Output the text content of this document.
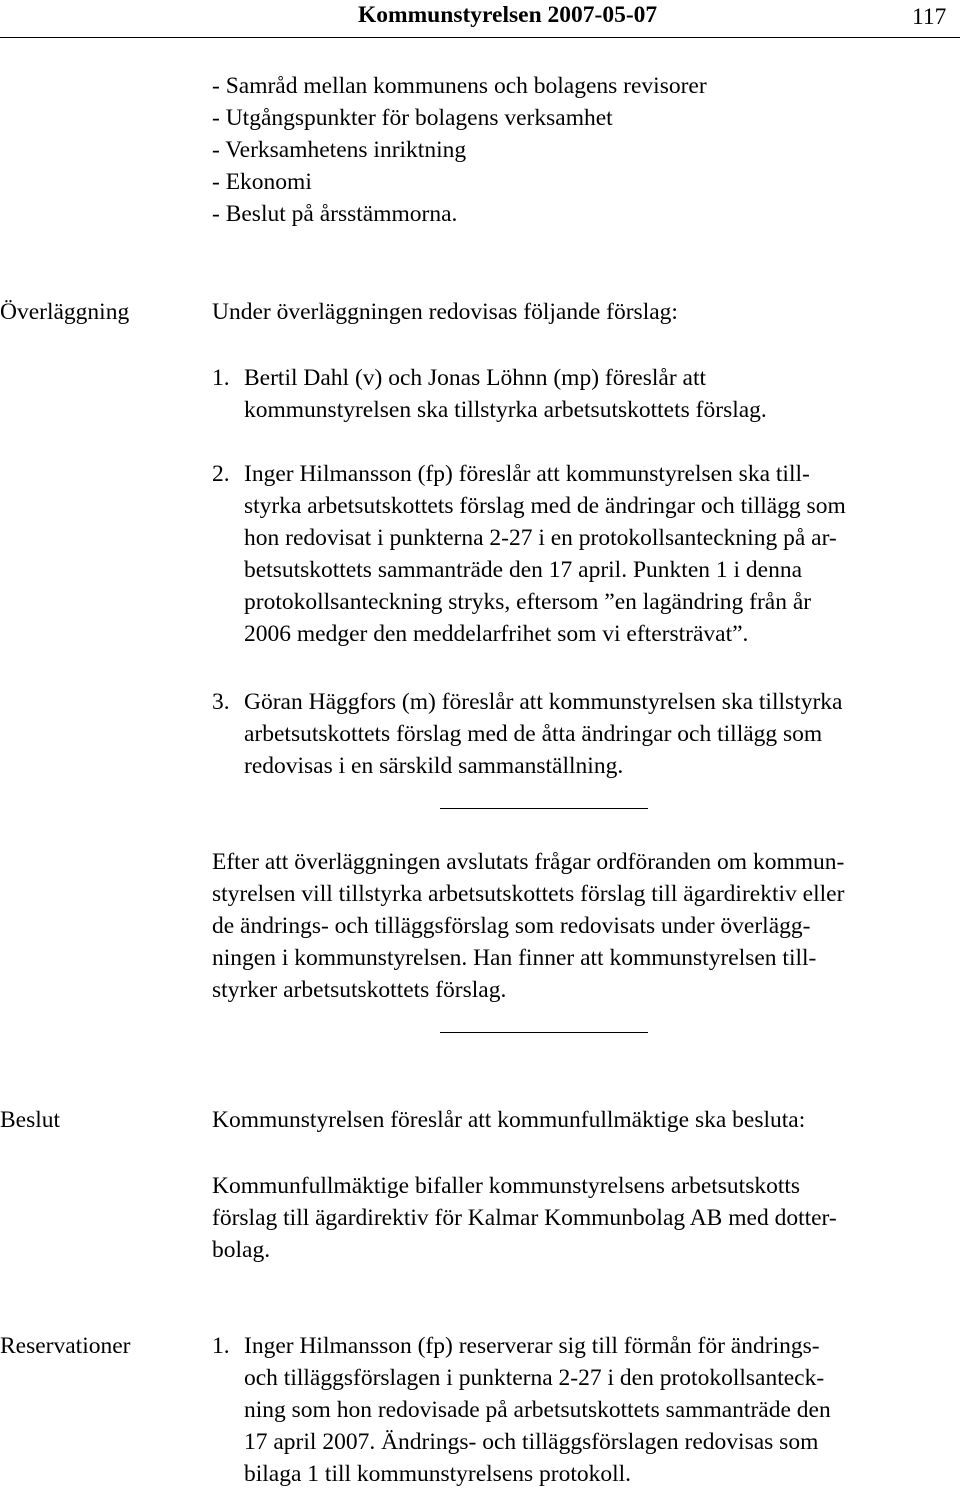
Kommunstyrelsen 2007-05-07	117
- Samråd mellan kommunens och bolagens revisorer
- Utgångspunkter för bolagens verksamhet
- Verksamhetens inriktning
- Ekonomi
- Beslut på årsstämmorna.
Överläggning	Under överläggningen redovisas följande förslag:
1. Bertil Dahl (v) och Jonas Löhnn (mp) föreslår att
kommunstyrelsen ska tillstyrka arbetsutskottets förslag.
2. Inger Hilmansson (fp) föreslår att kommunstyrelsen ska till-
styrka arbetsutskottets förslag med de ändringar och tillägg som
hon redovisat i punkterna 2-27 i en protokollsanteckning på ar-
betsutskottets sammanträde den 17 april. Punkten 1 i denna
protokollsanteckning stryks, eftersom ”en lagändring från år
2006 medger den meddelarfrihet som vi eftersträvat”.
3. Göran Häggfors (m) föreslår att kommunstyrelsen ska tillstyrka
arbetsutskottets förslag med de åtta ändringar och tillägg som
redovisas i en särskild sammanställning.
Efter att överläggningen avslutats frågar ordföranden om kommun-
styrelsen vill tillstyrka arbetsutskottets förslag till ägardirektiv eller
de ändrings- och tilläggsförslag som redovisats under överlägg-
ningen i kommunstyrelsen. Han finner att kommunstyrelsen till-
styrker arbetsutskottets förslag.
Beslut	Kommunstyrelsen föreslår att kommunfullmäktige ska besluta:
Kommunfullmäktige bifaller kommunstyrelsens arbetsutskotts
förslag till ägardirektiv för Kalmar Kommunbolag AB med dotter-
bolag.
Reservationer	1. Inger Hilmansson (fp) reserverar sig till förmån för ändrings-
och tilläggsförslagen i punkterna 2-27 i den protokollsanteck-
ning som hon redovisade på arbetsutskottets sammanträde den
17 april 2007. Ändrings- och tilläggsförslagen redovisas som
bilaga 1 till kommunstyrelsens protokoll.
